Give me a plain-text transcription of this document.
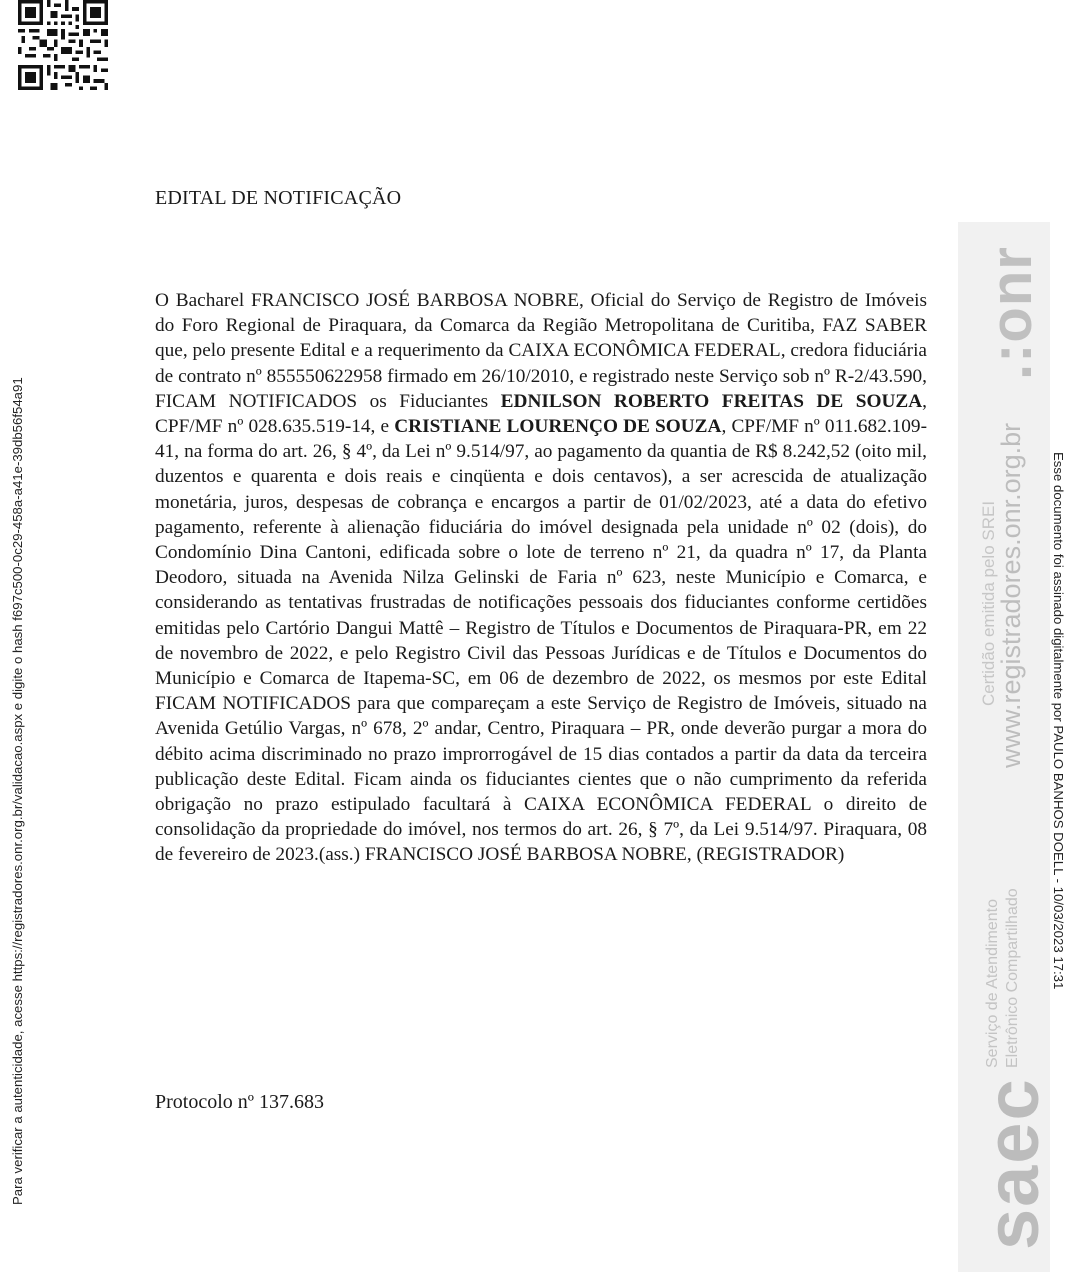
EDITAL DE NOTIFICAÇÃO

O Bacharel FRANCISCO JOSÉ BARBOSA NOBRE, Oficial do Serviço de Registro de Imóveis do Foro Regional de Piraquara, da Comarca da Região Metropolitana de Curitiba, FAZ SABER que, pelo presente Edital e a requerimento da CAIXA ECONÔMICA FEDERAL, credora fiduciária de contrato nº 855550622958 firmado em 26/10/2010, e registrado neste Serviço sob nº R-2/43.590, FICAM NOTIFICADOS os Fiduciantes EDNILSON ROBERTO FREITAS DE SOUZA, CPF/MF nº 028.635.519-14, e CRISTIANE LOURENÇO DE SOUZA, CPF/MF nº 011.682.109-41, na forma do art. 26, § 4º, da Lei nº 9.514/97, ao pagamento da quantia de R$ 8.242,52 (oito mil, duzentos e quarenta e dois reais e cinqüenta e dois centavos), a ser acrescida de atualização monetária, juros, despesas de cobrança e encargos a partir de 01/02/2023, até a data do efetivo pagamento, referente à alienação fiduciária do imóvel designada pela unidade nº 02 (dois), do Condomínio Dina Cantoni, edificada sobre o lote de terreno nº 21, da quadra nº 17, da Planta Deodoro, situada na Avenida Nilza Gelinski de Faria nº 623, neste Município e Comarca, e considerando as tentativas frustradas de notificações pessoais dos fiduciantes conforme certidões emitidas pelo Cartório Dangui Mattê – Registro de Títulos e Documentos de Piraquara-PR, em 22 de novembro de 2022, e pelo Registro Civil das Pessoas Jurídicas e de Títulos e Documentos do Município e Comarca de Itapema-SC, em 06 de dezembro de 2022, os mesmos por este Edital FICAM NOTIFICADOS para que compareçam a este Serviço de Registro de Imóveis, situado na Avenida Getúlio Vargas, nº 678, 2º andar, Centro, Piraquara – PR, onde deverão purgar a mora do débito acima discriminado no prazo improrrogável de 15 dias contados a partir da data da terceira publicação deste Edital. Ficam ainda os fiduciantes cientes que o não cumprimento da referida obrigação no prazo estipulado facultará à CAIXA ECONÔMICA FEDERAL o direito de consolidação da propriedade do imóvel, nos termos do art. 26, § 7º, da Lei 9.514/97. Piraquara, 08 de fevereiro de 2023.(ass.) FRANCISCO JOSÉ BARBOSA NOBRE, (REGISTRADOR)

Protocolo nº 137.683
Para verificar a autenticidade, acesse https://registradores.onr.org.br/validacao.aspx e digite o hash f697c500-0c29-458a-a41e-39db56f54a91	Esse documento foi assinado digitalmente por PAULO BANHOS DOELL - 10/03/2023 17:31
.:onr
www.registradores.onr.org.br
Certidão emitida pelo SREI
saec
Serviço de Atendimento Eletrônico Compartilhado
